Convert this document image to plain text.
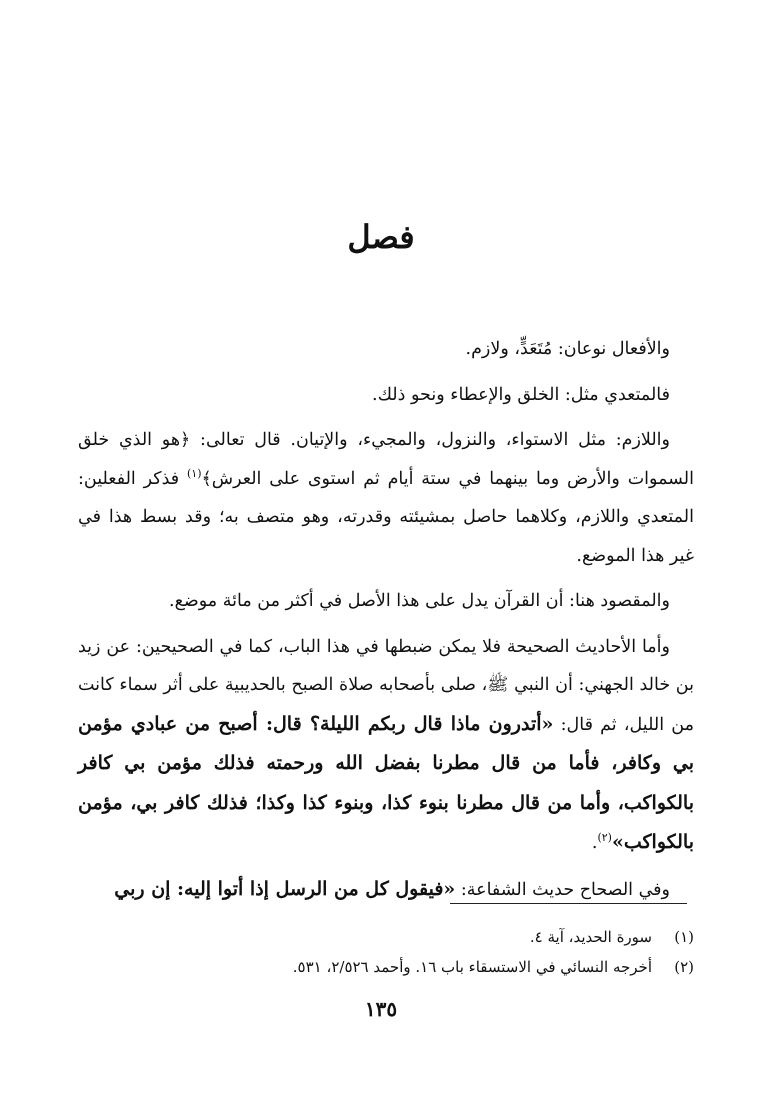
فصل

والأفعال نوعان: مُتَعَدٍّ، ولازم.

فالمتعدي مثل: الخلق والإعطاء ونحو ذلك.

واللازم: مثل الاستواء، والنزول، والمجيء، والإتيان. قال تعالى: ﴿هو الذي خلق السموات والأرض وما بينهما في ستة أيام ثم استوى على العرش﴾$^{(١)}$ فذكر الفعلين: المتعدي واللازم، وكلاهما حاصل بمشيئته وقدرته، وهو متصف به؛ وقد بسط هذا في غير هذا الموضع.

والمقصود هنا: أن القرآن يدل على هذا الأصل في أكثر من مائة موضع.

وأما الأحاديث الصحيحة فلا يمكن ضبطها في هذا الباب، كما في الصحيحين: عن زيد بن خالد الجهني: أن النبي ﷺ، صلى بأصحابه صلاة الصبح بالحديبية على أثر سماء كانت من الليل، ثم قال: «أتدرون ماذا قال ربكم الليلة؟ قال: أصبح من عبادي مؤمن بي وكافر، فأما من قال مطرنا بفضل الله ورحمته فذلك مؤمن بي كافر بالكواكب، وأما من قال مطرنا بنوء كذا، وبنوء كذا وكذا؛ فذلك كافر بي، مؤمن بالكواكب»$^{(٢)}$.

وفي الصحاح حديث الشفاعة: «فيقول كل من الرسل إذا أتوا إليه: إن ربي

(١)
سورة الحديد، آية ٤.
(٢)
أخرجه النسائي في الاستسقاء باب ١٦. وأحمد ٢/٥٢٦، ٥٣١.
١٣٥
